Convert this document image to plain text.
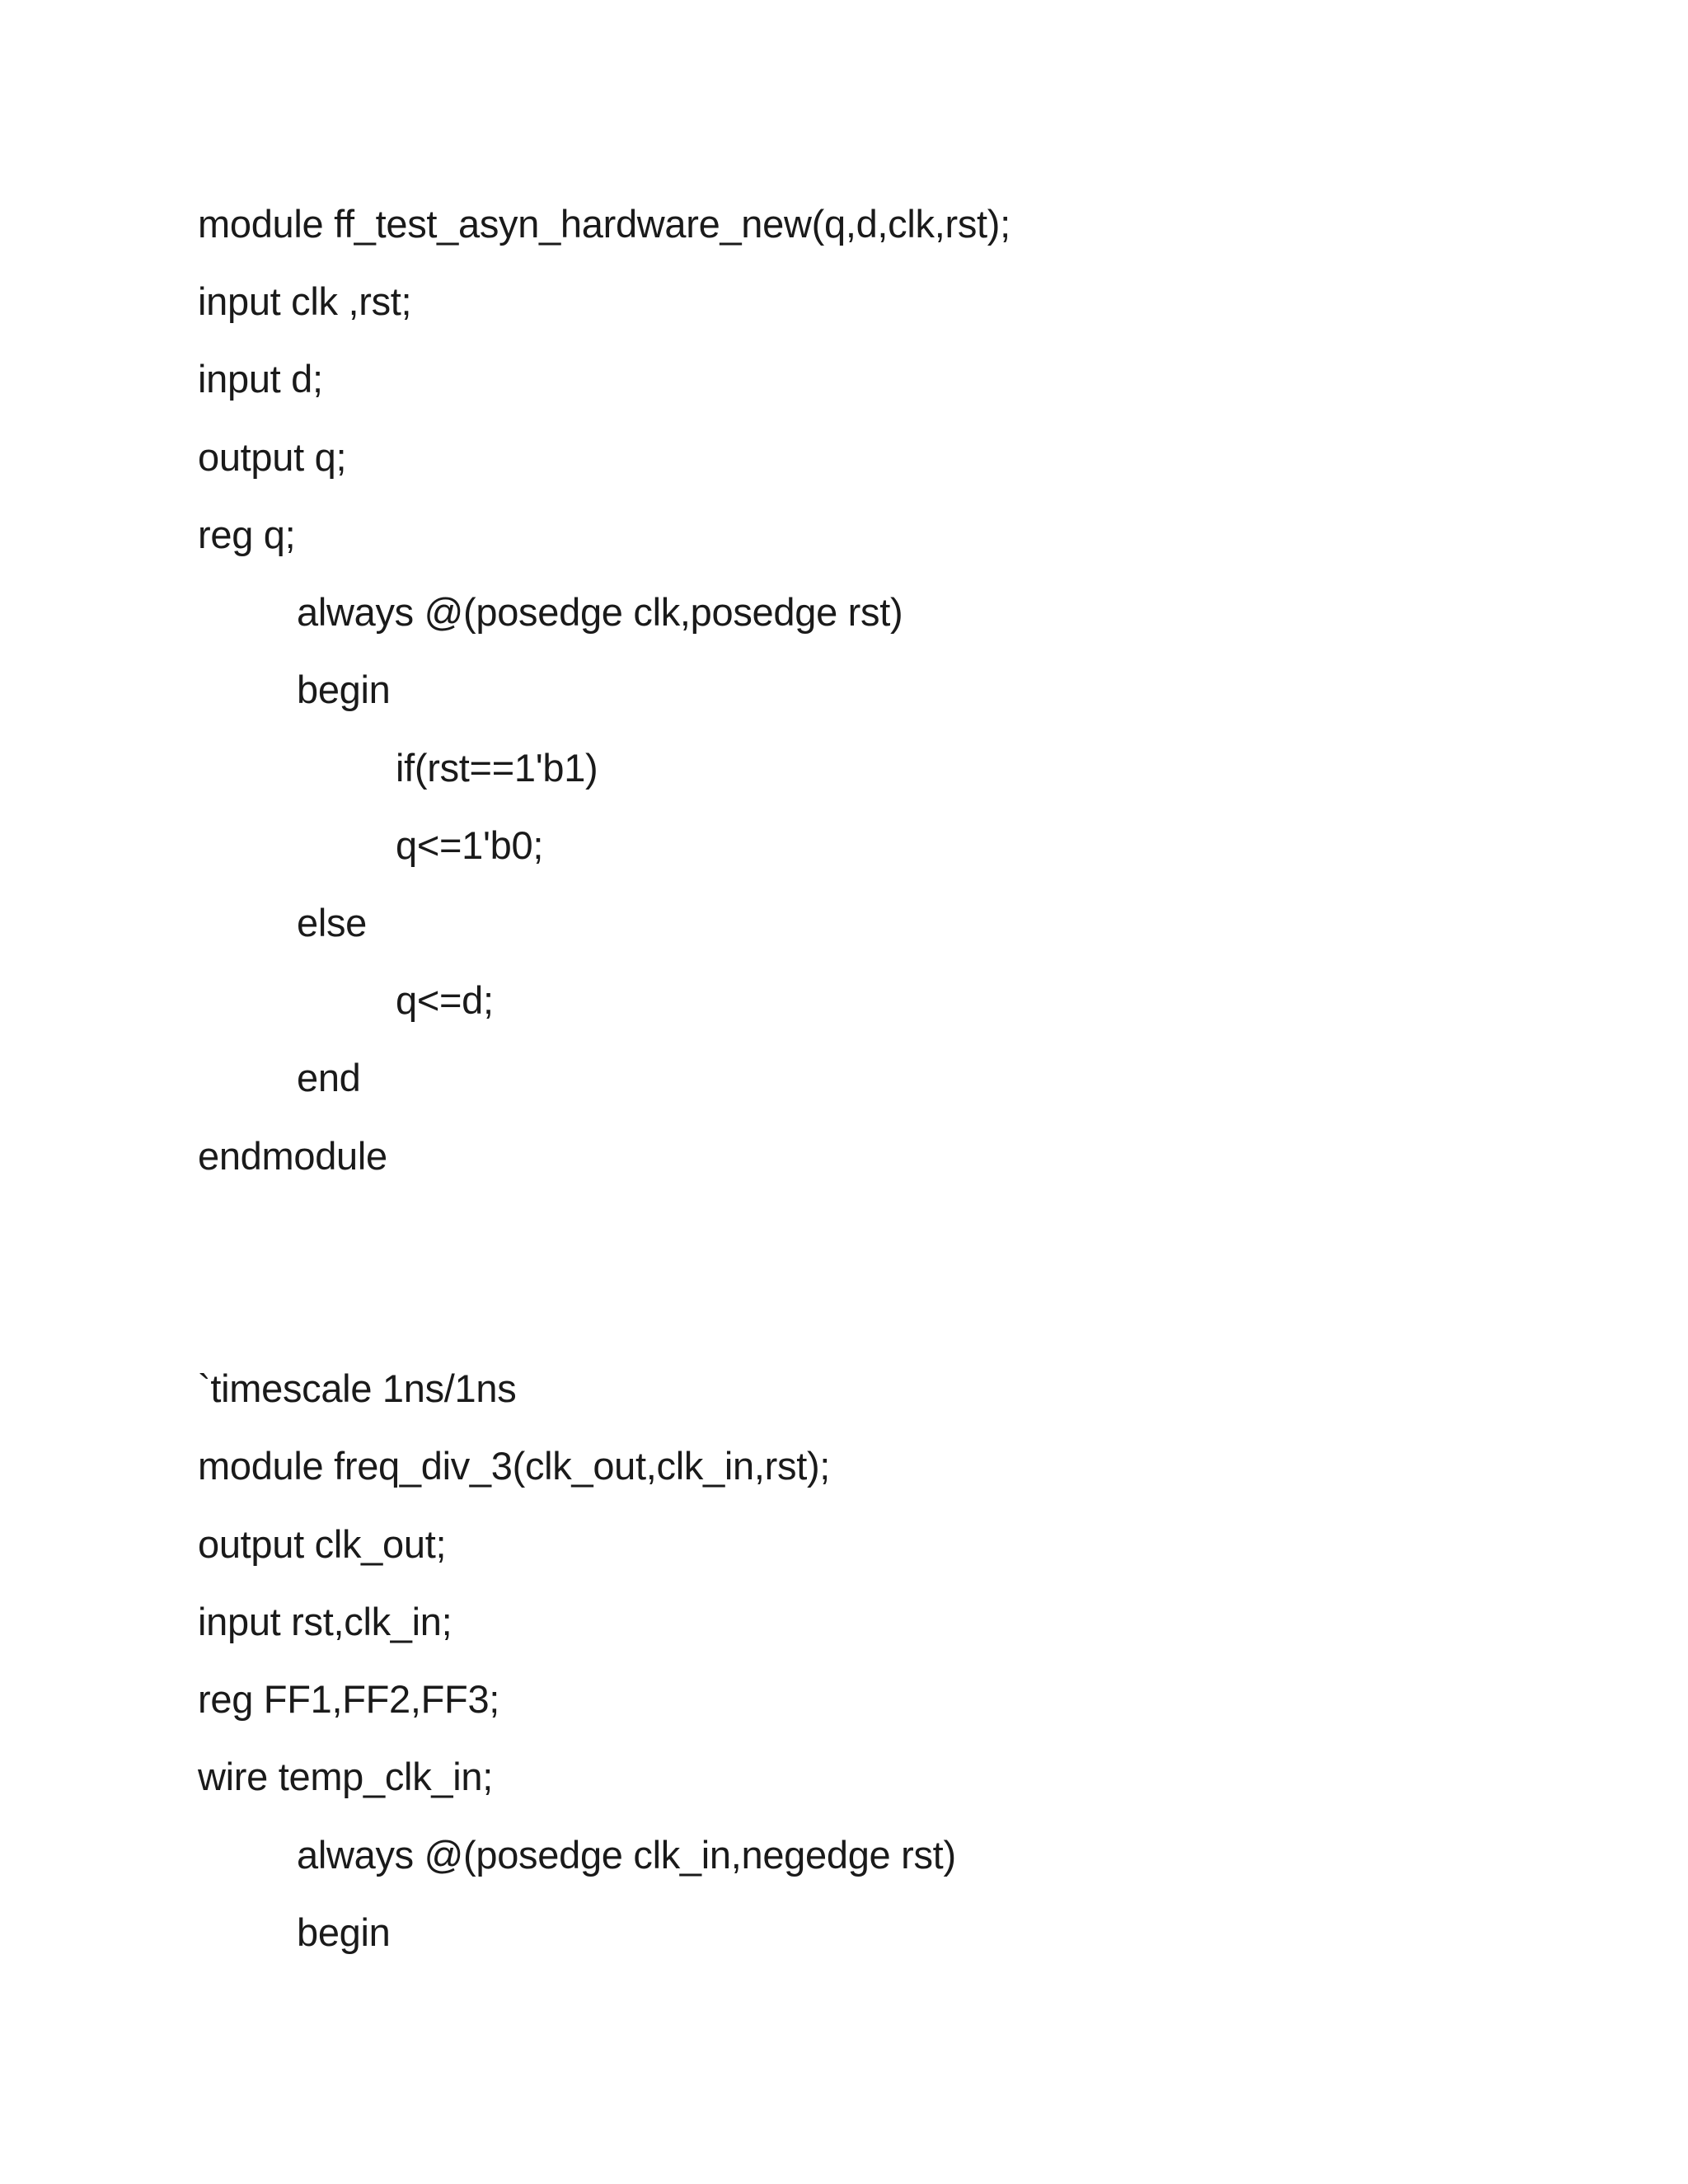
module ff_test_asyn_hardware_new(q,d,clk,rst);
input clk ,rst;
input d;
output q;
reg q;
always @(posedge clk,posedge rst)
begin
if(rst==1'b1)
q<=1'b0;
else
q<=d;
end
endmodule
`timescale 1ns/1ns
module freq_div_3(clk_out,clk_in,rst);
output clk_out;
input rst,clk_in;
reg FF1,FF2,FF3;
wire temp_clk_in;
always @(posedge clk_in,negedge rst)
begin
